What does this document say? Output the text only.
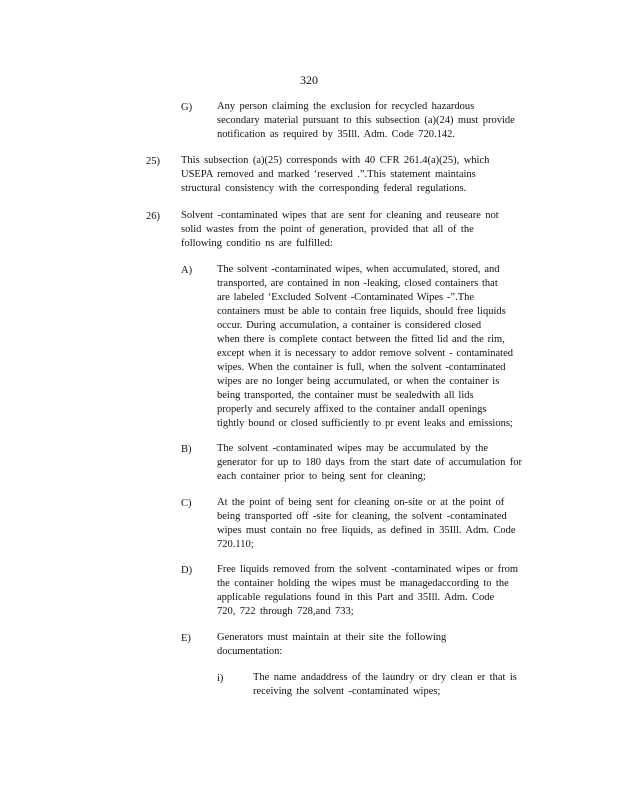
320
G) Any person claiming the exclusion for recycled hazardous
secondary material pursuant to this subsection (a)(24) must provide
notification as required by 35Ill. Adm. Code 720.142.
25) This subsection (a)(25) corresponds with 40 CFR 261.4(a)(25), which
USEPA removed and marked ‘reserved .”.This statement maintains
structural consistency with the corresponding federal regulations.
26) Solvent -contaminated wipes that are sent for cleaning and reuseare not
solid wastes from the point of generation, provided that all of the
following conditio ns are fulfilled:
A) The solvent -contaminated wipes, when accumulated, stored, and
transported, are contained in non -leaking, closed containers that
are labeled ‘Excluded Solvent -Contaminated Wipes -”.The
containers must be able to contain free liquids, should free liquids
occur. During accumulation, a container is considered closed
when there is complete contact between the fitted lid and the rim,
except when it is necessary to addor remove solvent - contaminated
wipes. When the container is full, when the solvent -contaminated
wipes are no longer being accumulated, or when the container is
being transported, the container must be sealedwith all lids
properly and securely affixed to the container andall openings
tightly bound or closed sufficiently to pr event leaks and emissions;
B) The solvent -contaminated wipes may be accumulated by the
generator for up to 180 days from the start date of accumulation for
each container prior to being sent for cleaning;
C) At the point of being sent for cleaning on-site or at the point of
being transported off -site for cleaning, the solvent -contaminated
wipes must contain no free liquids, as defined in 35Ill. Adm. Code
720.110;
D) Free liquids removed from the solvent -contaminated wipes or from
the container holding the wipes must be managedaccording to the
applicable regulations found in this Part and 35Ill. Adm. Code
720, 722 through 728,and 733;
E) Generators must maintain at their site the following
documentation:
i)	The name andaddress of the laundry or dry clean er that is
receiving the solvent -contaminated wipes;
